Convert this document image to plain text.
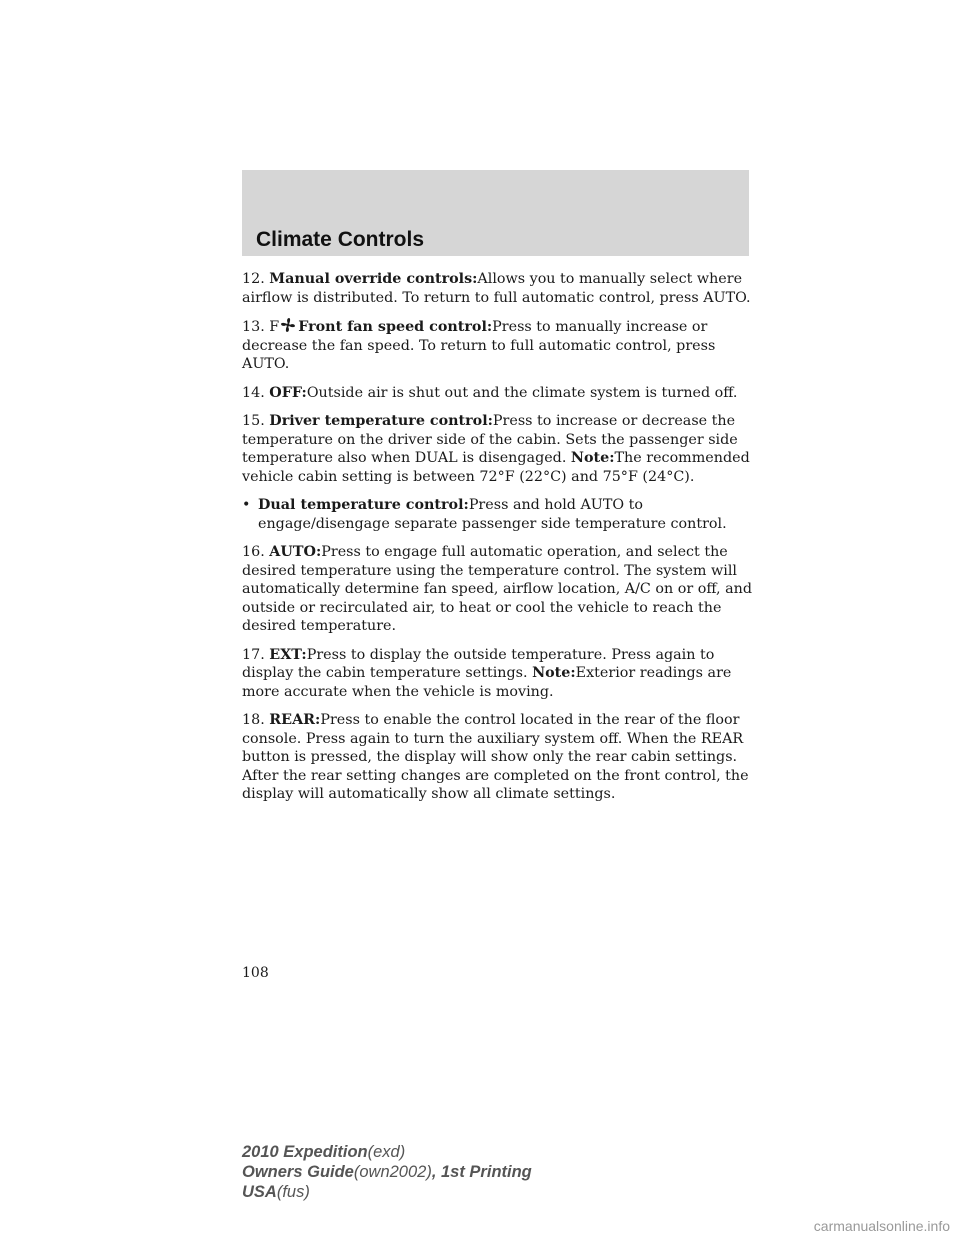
Climate Controls

12. Manual override controls:Allows you to manually select where airflow is distributed. To return to full automatic control, press AUTO.

13. F Front fan speed control:Press to manually increase or decrease the fan speed. To return to full automatic control, press AUTO.

14. OFF:Outside air is shut out and the climate system is turned off.

15. Driver temperature control:Press to increase or decrease the temperature on the driver side of the cabin. Sets the passenger side temperature also when DUAL is disengaged. Note:The recommended vehicle cabin setting is between 72°F (22°C) and 75°F (24°C).

• Dual temperature control:Press and hold AUTO to engage/disengage separate passenger side temperature control.

16. AUTO:Press to engage full automatic operation, and select the desired temperature using the temperature control. The system will automatically determine fan speed, airflow location, A/C on or off, and outside or recirculated air, to heat or cool the vehicle to reach the desired temperature.

17. EXT:Press to display the outside temperature. Press again to display the cabin temperature settings. Note:Exterior readings are more accurate when the vehicle is moving.

18. REAR:Press to enable the control located in the rear of the floor console. Press again to turn the auxiliary system off. When the REAR button is pressed, the display will show only the rear cabin settings. After the rear setting changes are completed on the front control, the display will automatically show all climate settings.

108
2010 Expedition(exd)
Owners Guide(own2002), 1st Printing
USA(fus)
carmanualsonline.info
